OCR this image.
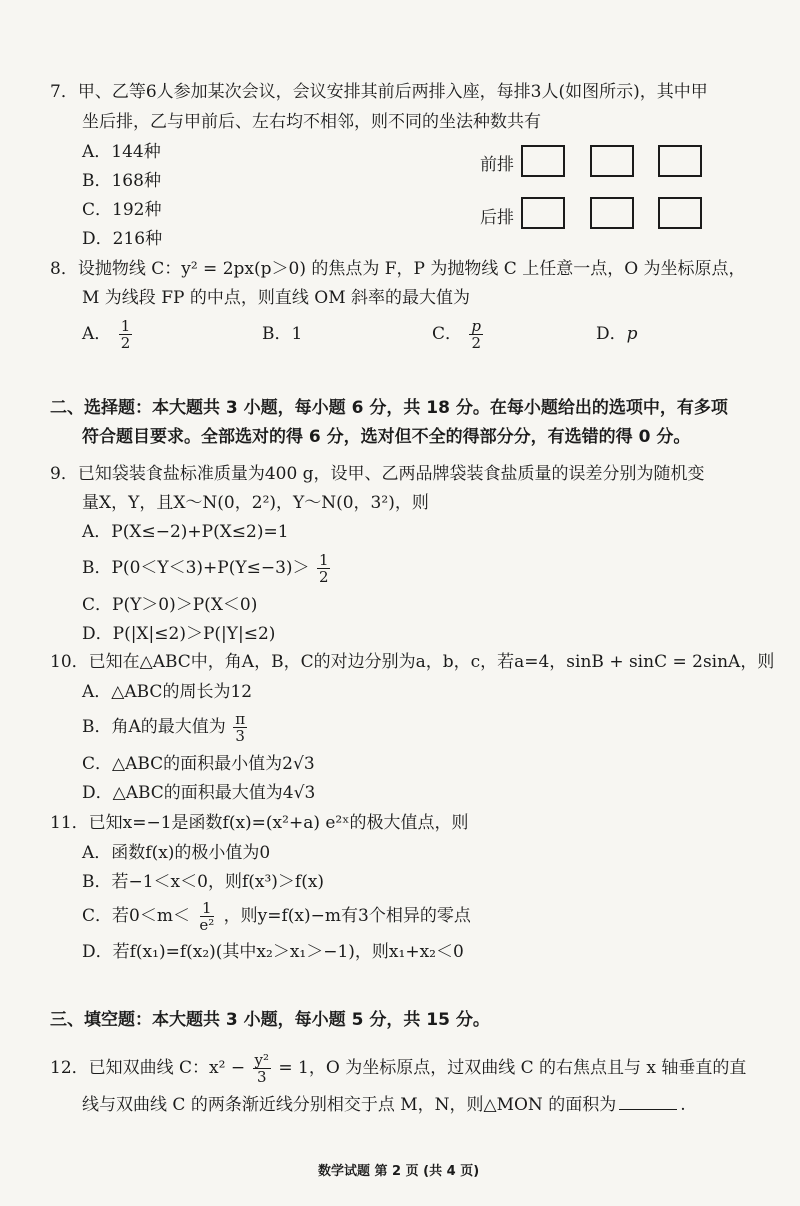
7．甲、乙等6人参加某次会议，会议安排其前后两排入座，每排3人(如图所示)，其中甲
坐后排，乙与甲前后、左右均不相邻，则不同的坐法种数共有
A．144种
B．168种
C．192种
D．216种
前排
后排
8．设抛物线 C：y² = 2px(p＞0) 的焦点为 F，P 为抛物线 C 上任意一点，O 为坐标原点，
M 为线段 FP 的中点，则直线 OM 斜率的最大值为
A． $\frac{1}{2}$	B．1	C． $\frac{p}{2}$	D．p
二、选择题：本大题共 3 小题，每小题 6 分，共 18 分。在每小题给出的选项中，有多项
符合题目要求。全部选对的得 6 分，选对但不全的得部分分，有选错的得 0 分。
9．已知袋装食盐标准质量为400 g，设甲、乙两品牌袋装食盐质量的误差分别为随机变
量X，Y，且X～N(0，2²)，Y～N(0，3²)，则
A．P(X≤−2)+P(X≤2)=1
B．$P(0<Y<3)+P(Y\le-3)> \frac{1}{2}$
C．P(Y＞0)＞P(X＜0)
D．P(|X|≤2)＞P(|Y|≤2)
10．已知在△ABC中，角A，B，C的对边分别为a，b，c，若a=4，sinB + sinC = 2sinA，则
A．△ABC的周长为12
B．角A的最大值为 $\frac{\pi}{3}$
C．△ABC的面积最小值为2√3
D．△ABC的面积最大值为4√3
11．已知x=−1是函数f(x)=(x²+a) e²ˣ的极大值点，则
A．函数f(x)的极小值为0
B．若−1＜x＜0，则f(x³)＞f(x)
C．若$0<m< \frac{1}{\text{e²}}$ ，则y=f(x)−m有3个相异的零点
D．若f(x₁)=f(x₂)(其中x₂＞x₁＞−1)，则x₁+x₂＜0
三、填空题：本大题共 3 小题，每小题 5 分，共 15 分。
12．已知双曲线 C：$x^2 - \frac{\text{y²}}{3} = 1$，O 为坐标原点，过双曲线 C 的右焦点且与 x 轴垂直的直
线与双曲线 C 的两条渐近线分别相交于点 M，N，则△MON 的面积为	.
数学试题 第 2 页 (共 4 页)
